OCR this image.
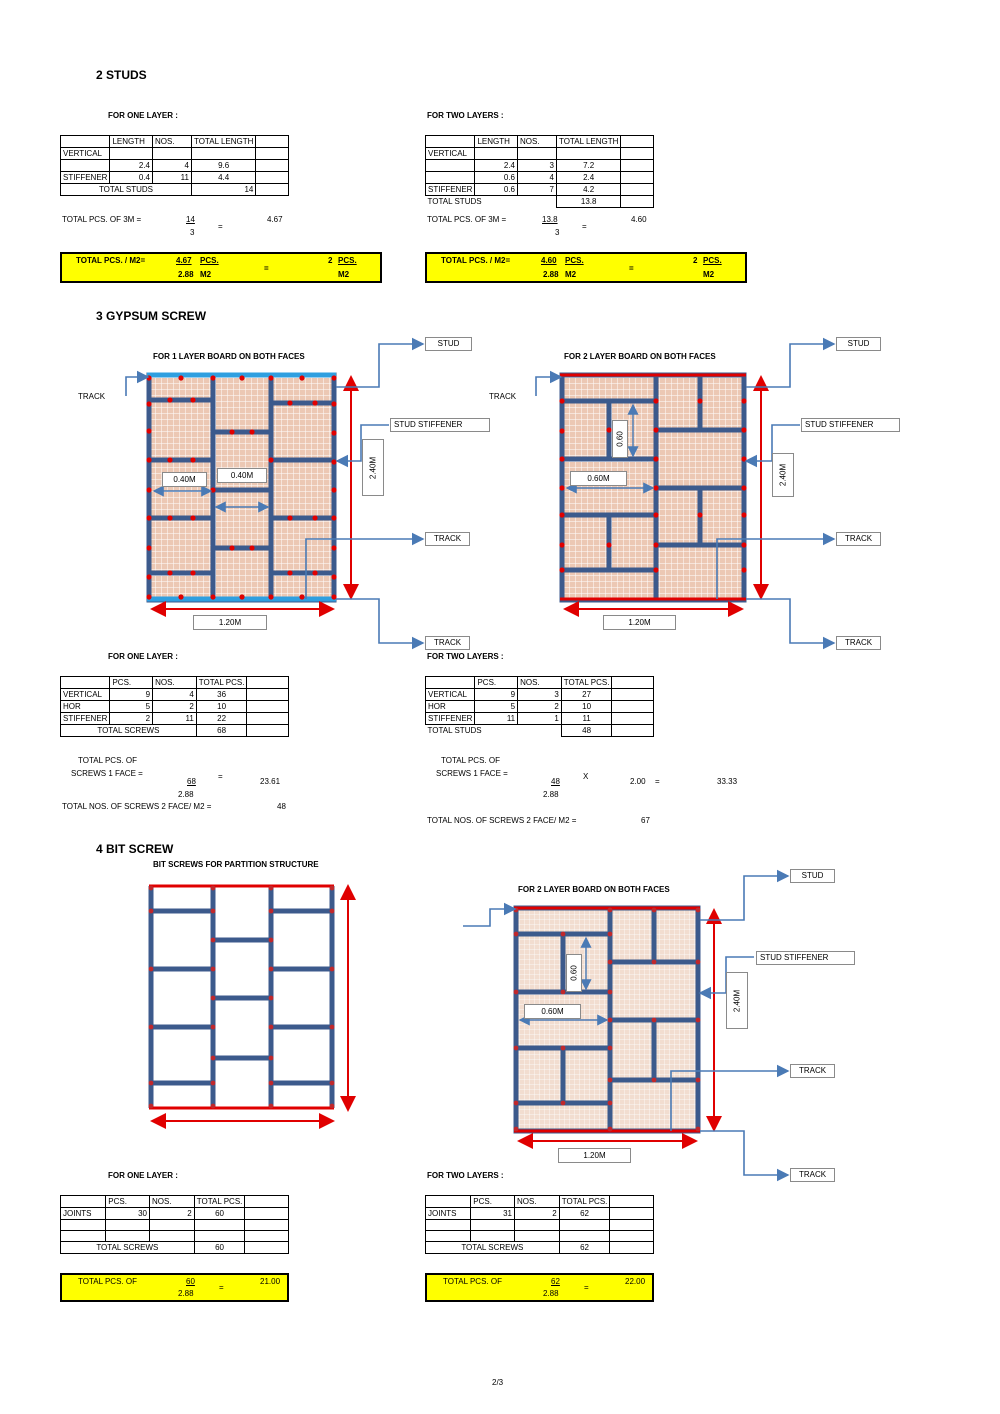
2 STUDS
FOR ONE LAYER :
	LENGTH	NOS.	TOTAL LENGTH	
VERTICAL				
	2.4	4	9.6	
STIFFENER	0.4	11	4.4	
TOTAL STUDS			14	
TOTAL PCS. OF 3M =	14
3
=
4.67
TOTAL PCS. / M2=	4.67 PCS.
2.88 M2
=
2 PCS.
M2
FOR TWO LAYERS :
	LENGTH	NOS.	TOTAL LENGTH	
VERTICAL				
	2.4	3	7.2	
	0.6	4	2.4	
STIFFENER	0.6	7	4.2	
TOTAL STUDS			13.8	
TOTAL PCS. OF 3M =	13.8
3
=
4.60
TOTAL PCS. / M2=	4.60 PCS.
2.88 M2
=
2 PCS.
M2
3 GYPSUM SCREW
FOR 1 LAYER BOARD ON BOTH FACES
TRACK
STUD
STUD STIFFENER
TRACK
TRACK
2.40M
1.20M
0.40M	0.40M
FOR 2 LAYER BOARD ON BOTH FACES
TRACK
STUD
STUD STIFFENER
TRACK
TRACK
2.40M
1.20M
0.60
0.60M
FOR ONE LAYER :
	PCS.	NOS.	TOTAL PCS.	
VERTICAL	9	4	36	
HOR	5	2	10	
STIFFENER	2	11	22	
TOTAL SCREWS			68	
TOTAL PCS. OF
SCREWS 1 FACE =
68
=
23.61
2.88
TOTAL NOS. OF SCREWS 2 FACE/ M2 =	48
FOR TWO LAYERS :
	PCS.	NOS.	TOTAL PCS.	
VERTICAL	9	3	27	
HOR	5	2	10	
STIFFENER	11	1	11	
TOTAL STUDS			48	
TOTAL PCS. OF
SCREWS 1 FACE =
48
X
2.00 =	33.33
2.88
TOTAL NOS. OF SCREWS 2 FACE/ M2 =	67
4 BIT SCREW
BIT SCREWS FOR PARTITION STRUCTURE
FOR 2 LAYER BOARD ON BOTH FACES
STUD
STUD STIFFENER
TRACK
TRACK
2.40M
1.20M
0.60
0.60M
FOR ONE LAYER :
	PCS.	NOS.	TOTAL PCS.	
JOINTS	30	2	60	

TOTAL SCREWS			60	
TOTAL PCS. OF	60
2.88
=
21.00
FOR TWO LAYERS :
	PCS.	NOS.	TOTAL PCS.	
JOINTS	31	2	62	

TOTAL SCREWS			62	
TOTAL PCS. OF	62
2.88
=
22.00
2/3
